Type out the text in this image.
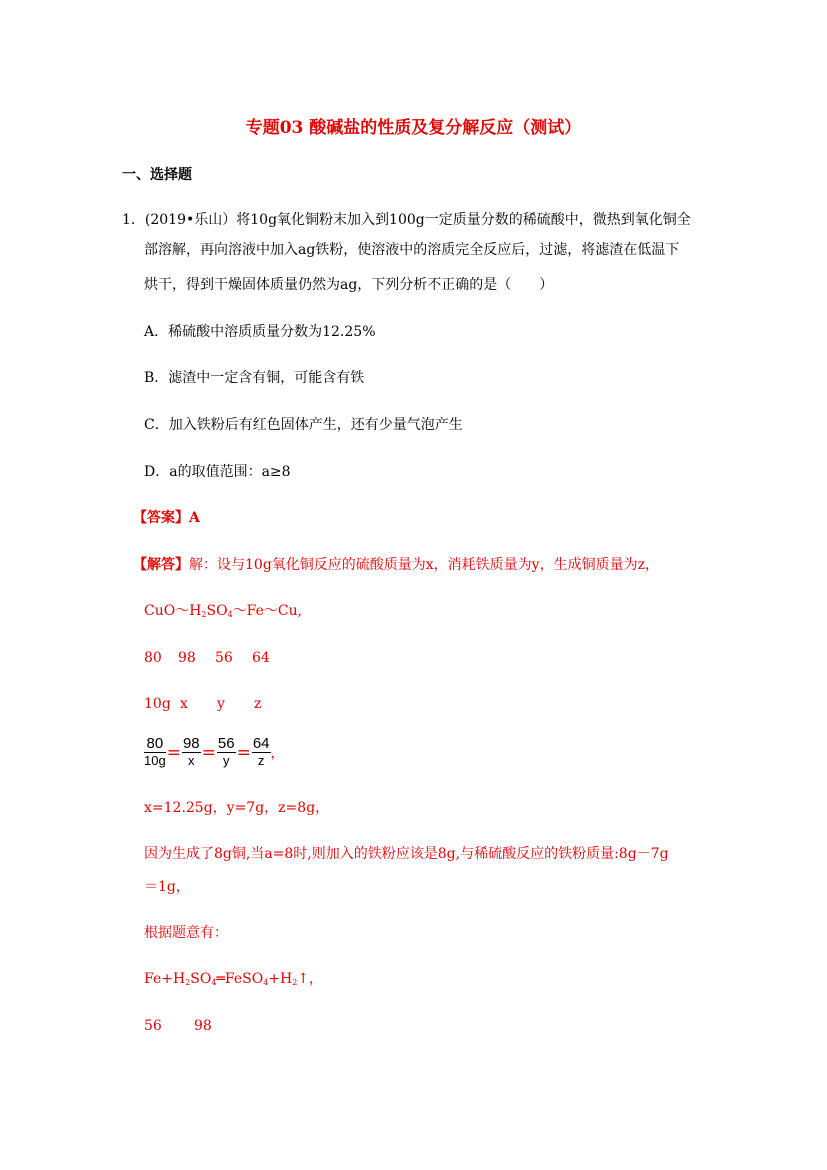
专题03 酸碱盐的性质及复分解反应（测试）
一、选择题
1．(2019•乐山）将10g氧化铜粉末加入到100g一定质量分数的稀硫酸中，微热到氧化铜全
部溶解，再向溶液中加入ag铁粉，使溶液中的溶质完全反应后，过滤，将滤渣在低温下
烘干，得到干燥固体质量仍然为ag，下列分析不正确的是（　　）
A．稀硫酸中溶质质量分数为12.25%
B．滤渣中一定含有铜，可能含有铁
C．加入铁粉后有红色固体产生，还有少量气泡产生
D．a的取值范围：a≥8
【答案】A
【解答】解：设与10g氧化铜反应的硫酸质量为x，消耗铁质量为y，生成铜质量为z，
$CuO\sim H_2SO_4\sim Fe\sim Cu$,
80 98 56 64
10g x y z
$\frac{80}{10g} = \frac{98}{x} = \frac{56}{y} = \frac{64}{z}$ ，
x=12.25g，y=7g，z=8g，
因为生成了8g铜,当a=8时,则加入的铁粉应该是8g,与稀硫酸反应的铁粉质量:8g－7g
＝1g，
根据题意有：
$Fe+H_2SO_4═FeSO_4+H_2↑$，
56 98
